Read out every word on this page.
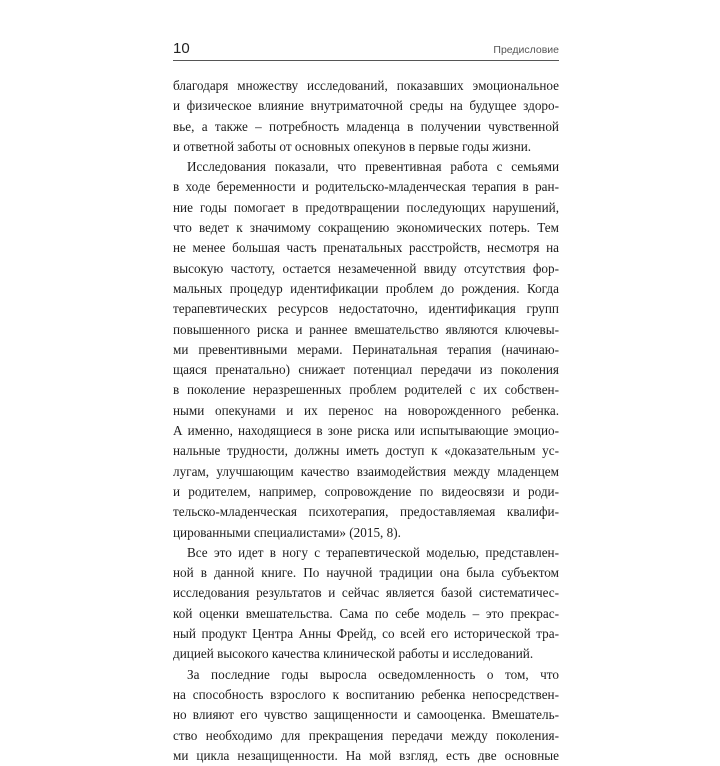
10	Предисловие
благодаря множеству исследований, показавших эмоциональное
и физическое влияние внутриматочной среды на будущее здоро-
вье, а также – потребность младенца в получении чувственной
и ответной заботы от основных опекунов в первые годы жизни.
Исследования показали, что превентивная работа с семьями
в ходе беременности и родительско-младенческая терапия в ран-
ние годы помогает в предотвращении последующих нарушений,
что ведет к значимому сокращению экономических потерь. Тем
не менее большая часть пренатальных расстройств, несмотря на
высокую частоту, остается незамеченной ввиду отсутствия фор-
мальных процедур идентификации проблем до рождения. Когда
терапевтических ресурсов недостаточно, идентификация групп
повышенного риска и раннее вмешательство являются ключевы-
ми превентивными мерами. Перинатальная терапия (начинаю-
щаяся пренатально) снижает потенциал передачи из поколения
в поколение неразрешенных проблем родителей с их собствен-
ными опекунами и их перенос на новорожденного ребенка.
А именно, находящиеся в зоне риска или испытывающие эмоцио-
нальные трудности, должны иметь доступ к «доказательным ус-
лугам, улучшающим качество взаимодействия между младенцем
и родителем, например, сопровождение по видеосвязи и роди-
тельско-младенческая психотерапия, предоставляемая квалифи-
цированными специалистами» (2015, 8).
Все это идет в ногу с терапевтической моделью, представлен-
ной в данной книге. По научной традиции она была субъектом
исследования результатов и сейчас является базой систематичес-
кой оценки вмешательства. Сама по себе модель – это прекрас-
ный продукт Центра Анны Фрейд, со всей его исторической тра-
дицией высокого качества клинической работы и исследований.
За последние годы выросла осведомленность о том, что
на способность взрослого к воспитанию ребенка непосредствен-
но влияют его чувство защищенности и самооценка. Вмешатель-
ство необходимо для прекращения передачи между поколения-
ми цикла незащищенности. На мой взгляд, есть две основные
